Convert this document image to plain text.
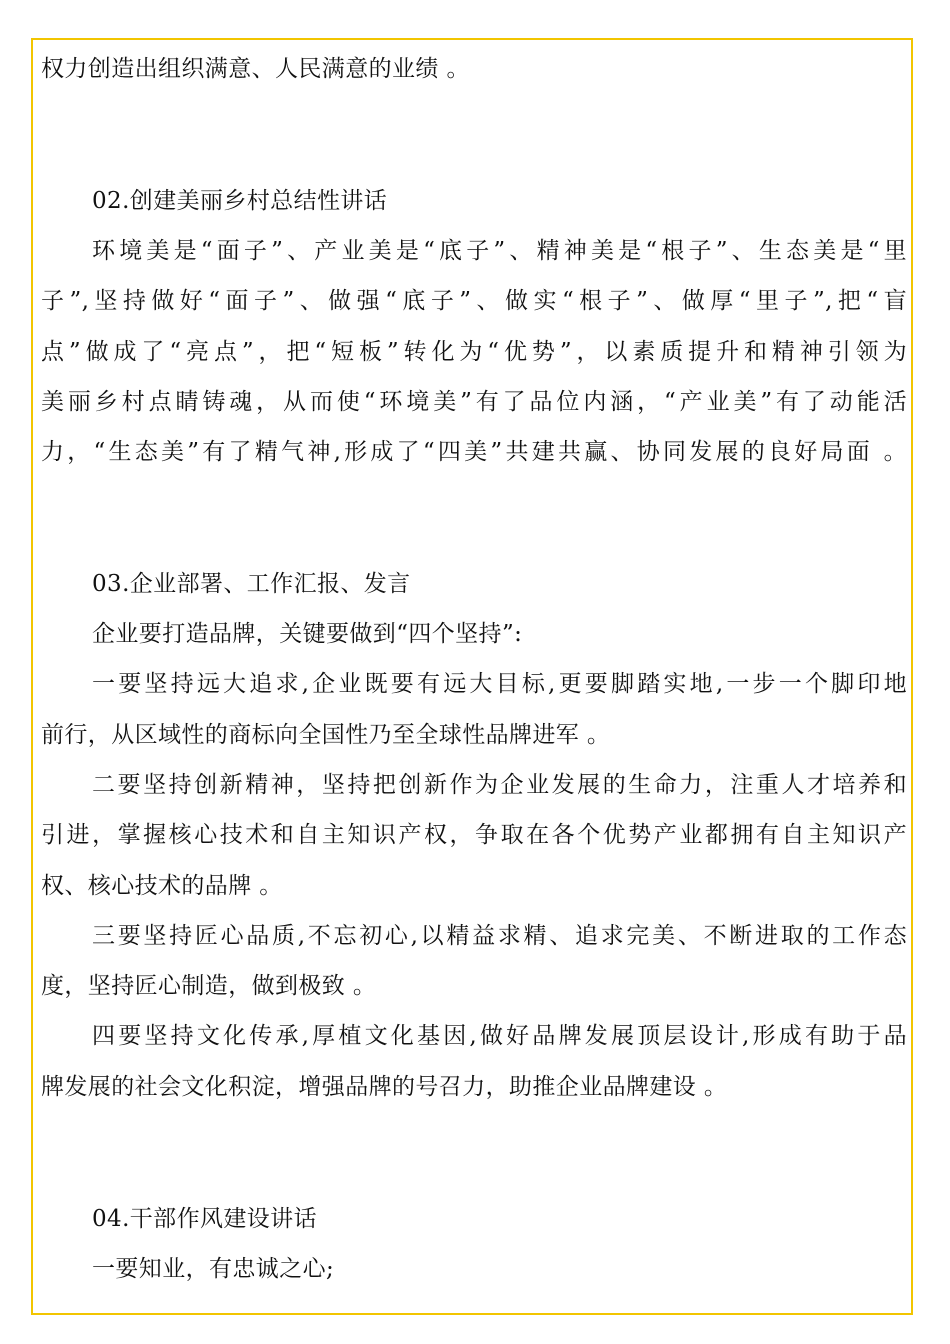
权力创造出组织满意、人民满意的业绩 。
02.创建美丽乡村总结性讲话
环境美是“面子”、产业美是“底子”、精神美是“根子”、生态美是“里
子”,坚持做好“面子”、做强“底子”、做实“根子”、做厚“里子”,把“盲
点”做成了“亮点”，把“短板”转化为“优势”，以素质提升和精神引领为
美丽乡村点睛铸魂，从而使“环境美”有了品位内涵，“产业美”有了动能活
力，“生态美”有了精气神,形成了“四美”共建共赢、协同发展的良好局面 。
03.企业部署、工作汇报、发言
企业要打造品牌，关键要做到“四个坚持”:
一要坚持远大追求,企业既要有远大目标,更要脚踏实地,一步一个脚印地
前行，从区域性的商标向全国性乃至全球性品牌进军 。
二要坚持创新精神，坚持把创新作为企业发展的生命力，注重人才培养和
引进，掌握核心技术和自主知识产权，争取在各个优势产业都拥有自主知识产
权、核心技术的品牌 。
三要坚持匠心品质,不忘初心,以精益求精、追求完美、不断进取的工作态
度，坚持匠心制造，做到极致 。
四要坚持文化传承,厚植文化基因,做好品牌发展顶层设计,形成有助于品
牌发展的社会文化积淀，增强品牌的号召力，助推企业品牌建设 。
04.干部作风建设讲话
一要知业，有忠诚之心;
